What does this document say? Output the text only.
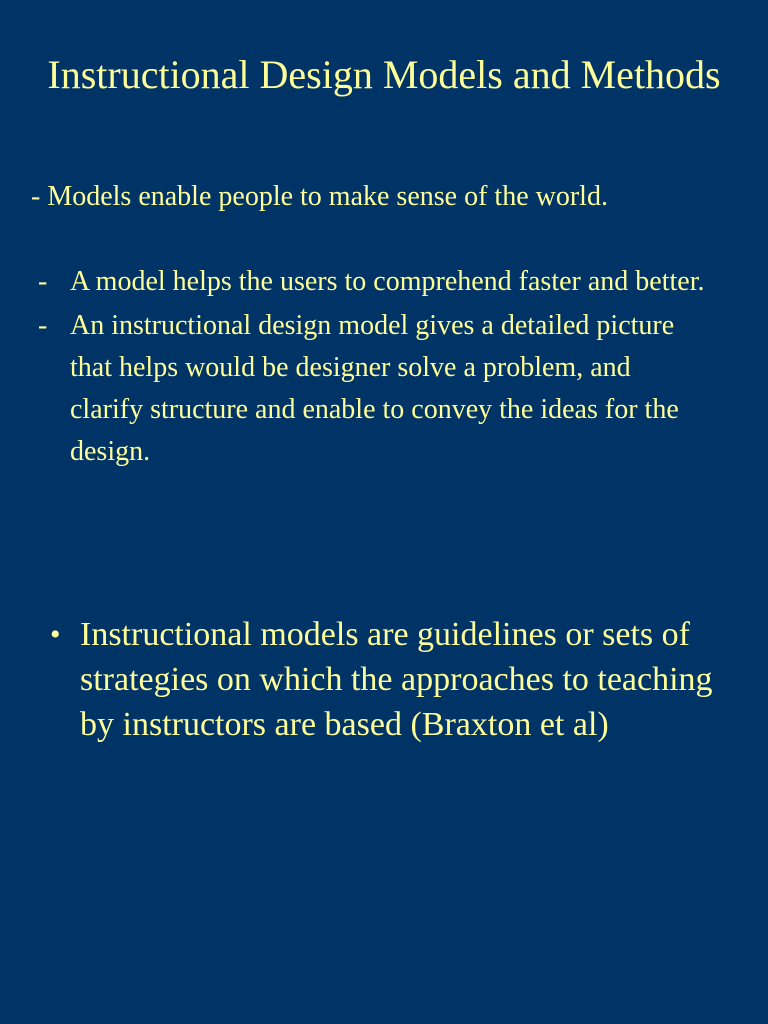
Instructional Design Models and Methods

- Models enable people to make sense of the world.

- A model helps the users to comprehend faster and better.
- An instructional design model gives a detailed picture that helps would be designer solve a problem, and clarify structure and enable to convey the ideas for the design.
• Instructional models are guidelines or sets of strategies on which the approaches to teaching by instructors are based (Braxton et al)
